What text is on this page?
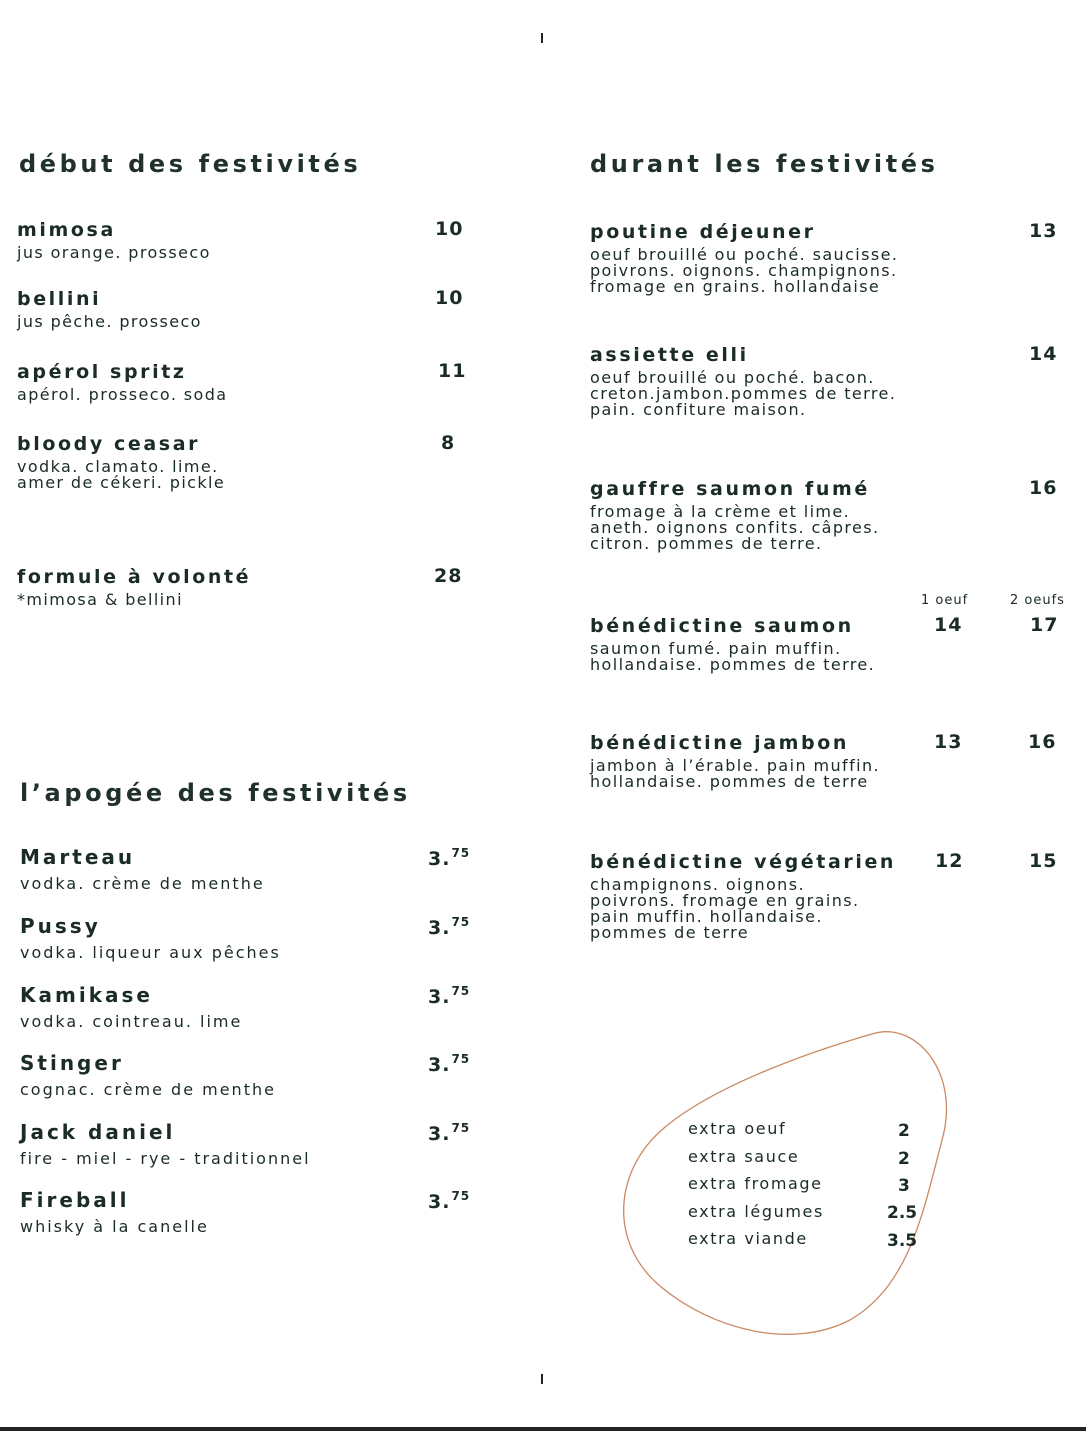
début des festivités
mimosa
jus orange. prosseco
10
bellini
jus pêche. prosseco
10
apérol spritz
apérol. prosseco. soda
11
bloody ceasar
vodka. clamato. lime.
amer de cékeri. pickle
8
formule à volonté
*mimosa & bellini
28
l’apogée des festivités
Marteau
vodka. crème de menthe
3.75
Pussy
vodka. liqueur aux pêches
3.75
Kamikase
vodka. cointreau. lime
3.75
Stinger
cognac. crème de menthe
3.75
Jack daniel
fire - miel - rye - traditionnel
3.75
Fireball
whisky à la canelle
3.75
durant les festivités
poutine déjeuner
oeuf brouillé ou poché. saucisse.
poivrons. oignons. champignons.
fromage en grains. hollandaise
13
assiette elli
oeuf brouillé ou poché. bacon.
creton.jambon.pommes de terre.
pain. confiture maison.
14
gauffre saumon fumé
fromage à la crème et lime.
aneth. oignons confits. câpres.
citron. pommes de terre.
16
1 oeuf	2 oeufs
bénédictine saumon
saumon fumé. pain muffin.
hollandaise. pommes de terre.
14	17
bénédictine jambon
jambon à l’érable. pain muffin.
hollandaise. pommes de terre
13	16
bénédictine végétarien
champignons. oignons.
poivrons. fromage en grains.
pain muffin. hollandaise.
pommes de terre
12	15
extra oeuf	2
extra sauce	2
extra fromage	3
extra légumes	2.5
extra viande	3.5
